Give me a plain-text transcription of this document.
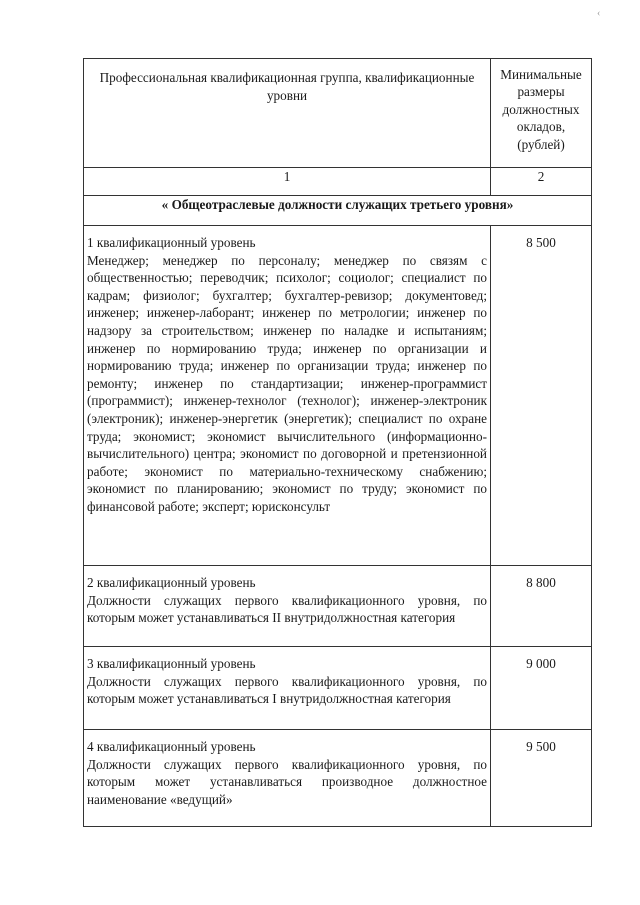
‹
Профессиональная квалификационная группа, квалификационные уровни	Минимальные размеры должностных окладов, (рублей)
1	2
« Общеотраслевые должности служащих третьего уровня»	

1 квалификационный уровень
Менеджер; менеджер по персоналу; менеджер по связям с общественностью; переводчик; психолог; социолог; специалист по кадрам; физиолог; бухгалтер; бухгалтер-ревизор; документовед; инженер; инженер-лаборант; инженер по метрологии; инженер по надзору за строительством; инженер по наладке и испытаниям; инженер по нормированию труда; инженер по организации и нормированию труда; инженер по организации труда; инженер по ремонту; инженер по стандартизации; инженер-программист (программист); инженер-технолог (технолог); инженер-электроник (электроник); инженер-энергетик (энергетик); специалист по охране труда; экономист; экономист вычислительного (информационно-вычислительного) центра; экономист по договорной и претензионной работе; экономист по материально-техническому снабжению; экономист по планированию; экономист по труду; экономист по финансовой работе; эксперт; юрисконсульт	8 500

2 квалификационный уровень
Должности служащих первого квалификационного уровня, по которым может устанавливаться II внутридолжностная категория	8 800

3 квалификационный уровень
Должности служащих первого квалификационного уровня, по которым может устанавливаться I внутридолжностная категория	9 000

4 квалификационный уровень
Должности служащих первого квалификационного уровня, по которым может устанавливаться производное должностное наименование «ведущий»	9 500
